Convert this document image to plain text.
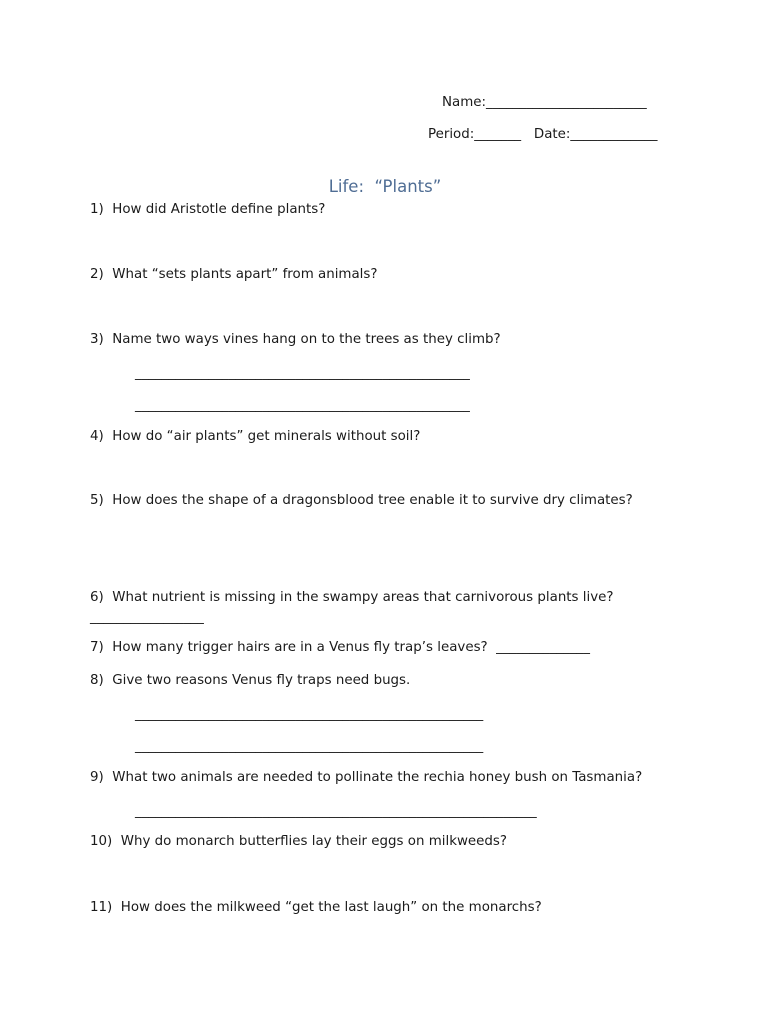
Name:________________________
Period:_______   Date:_____________
Life:  “Plants”
1)  How did Aristotle define plants?
2)  What “sets plants apart” from animals?
3)  Name two ways vines hang on to the trees as they climb?
__________________________________________________
__________________________________________________
4)  How do “air plants” get minerals without soil?
5)  How does the shape of a dragonsblood tree enable it to survive dry climates?
6)  What nutrient is missing in the swampy areas that carnivorous plants live?
_________________
7)  How many trigger hairs are in a Venus fly trap’s leaves?  ______________
8)  Give two reasons Venus fly traps need bugs.
____________________________________________________
____________________________________________________
9)  What two animals are needed to pollinate the rechia honey bush on Tasmania?
____________________________________________________________
10)  Why do monarch butterflies lay their eggs on milkweeds?
11)  How does the milkweed “get the last laugh” on the monarchs?
